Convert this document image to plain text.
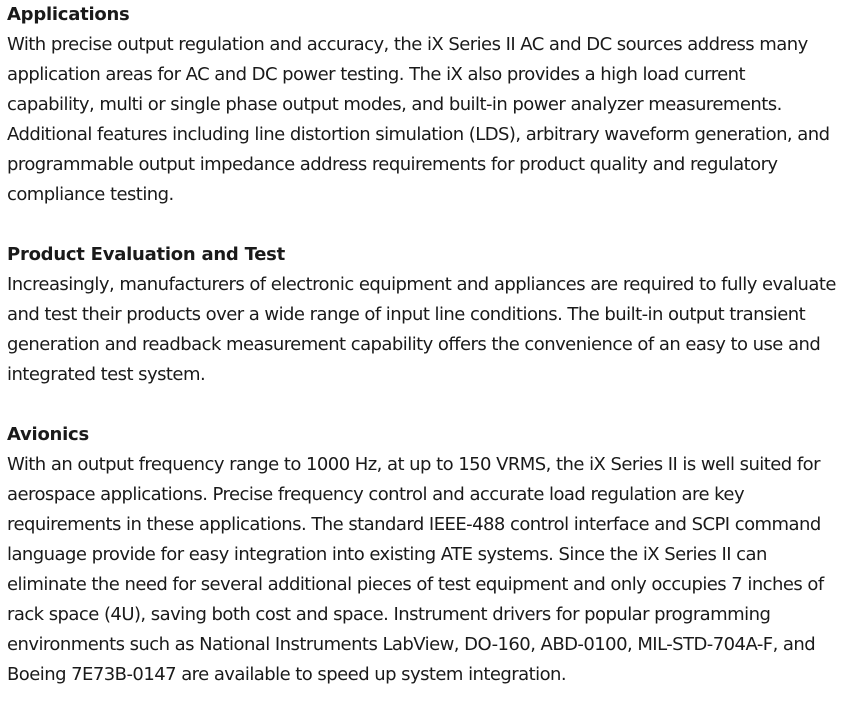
Applications

With precise output regulation and accuracy, the iX Series II AC and DC sources address many application areas for AC and DC power testing. The iX also provides a high load current capability, multi or single phase output modes, and built-in power analyzer measurements. Additional features including line distortion simulation (LDS), arbitrary waveform generation, and programmable output impedance address requirements for product quality and regulatory compliance testing.

Product Evaluation and Test

Increasingly, manufacturers of electronic equipment and appliances are required to fully evaluate and test their products over a wide range of input line conditions. The built-in output transient generation and readback measurement capability offers the convenience of an easy to use and integrated test system.

Avionics

With an output frequency range to 1000 Hz, at up to 150 VRMS, the iX Series II is well suited for aerospace applications. Precise frequency control and accurate load regulation are key requirements in these applications. The standard IEEE-488 control interface and SCPI command language provide for easy integration into existing ATE systems. Since the iX Series II can eliminate the need for several additional pieces of test equipment and only occupies 7 inches of rack space (4U), saving both cost and space. Instrument drivers for popular programming environments such as National Instruments LabView, DO-160, ABD-0100, MIL-STD-704A-F, and Boeing 7E73B-0147 are available to speed up system integration.
